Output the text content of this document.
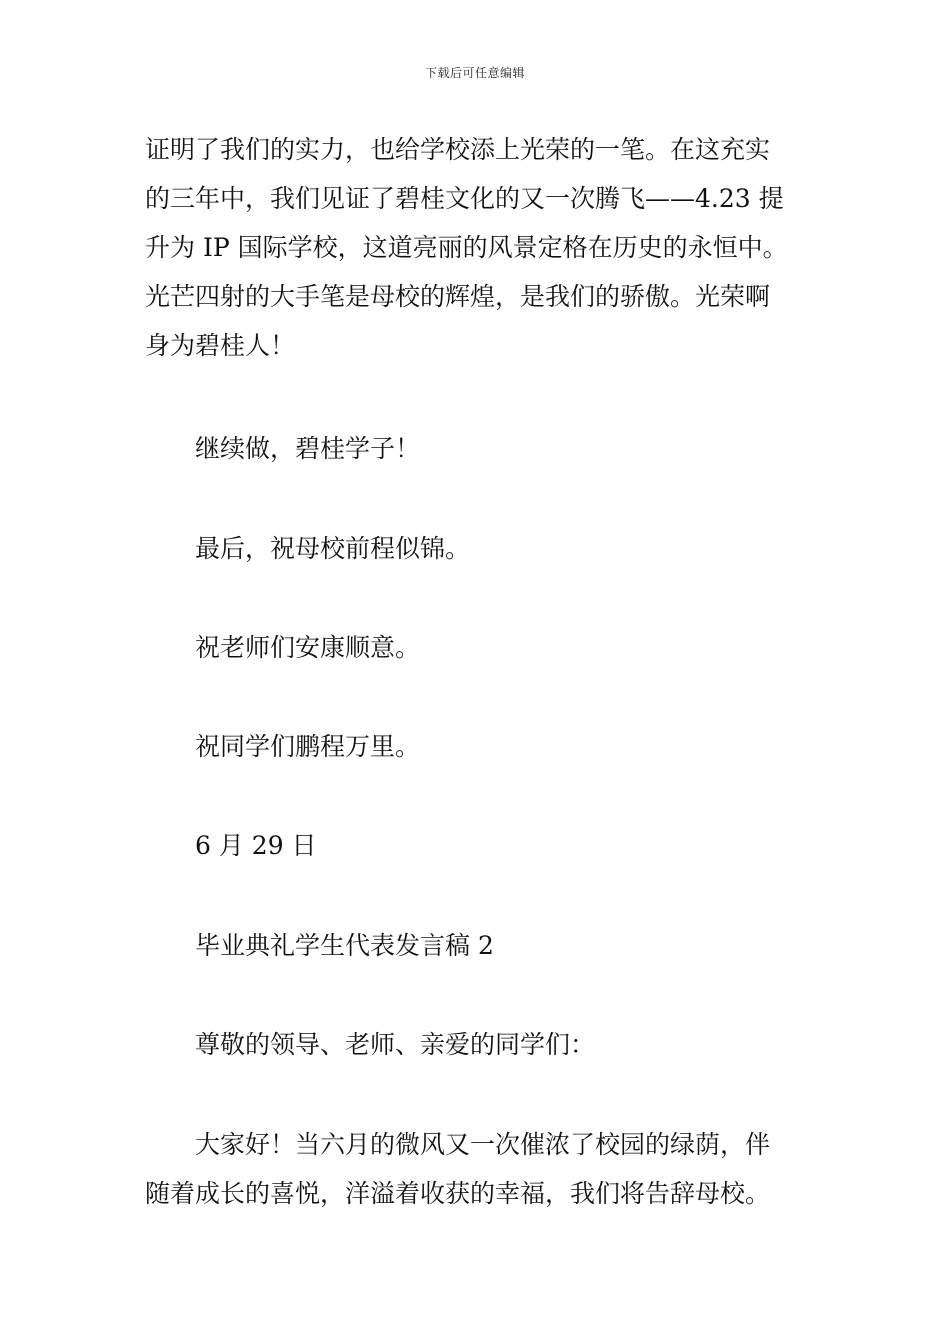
下载后可任意编辑
证明了我们的实力，也给学校添上光荣的一笔。在这充实
的三年中，我们见证了碧桂文化的又一次腾飞——4.23 提
升为 IP 国际学校，这道亮丽的风景定格在历史的永恒中。
光芒四射的大手笔是母校的辉煌，是我们的骄傲。光荣啊
身为碧桂人！
继续做，碧桂学子！
最后，祝母校前程似锦。
祝老师们安康顺意。
祝同学们鹏程万里。
6 月 29 日
毕业典礼学生代表发言稿 2
尊敬的领导、老师、亲爱的同学们：
大家好！当六月的微风又一次催浓了校园的绿荫，伴
随着成长的喜悦，洋溢着收获的幸福，我们将告辞母校。
